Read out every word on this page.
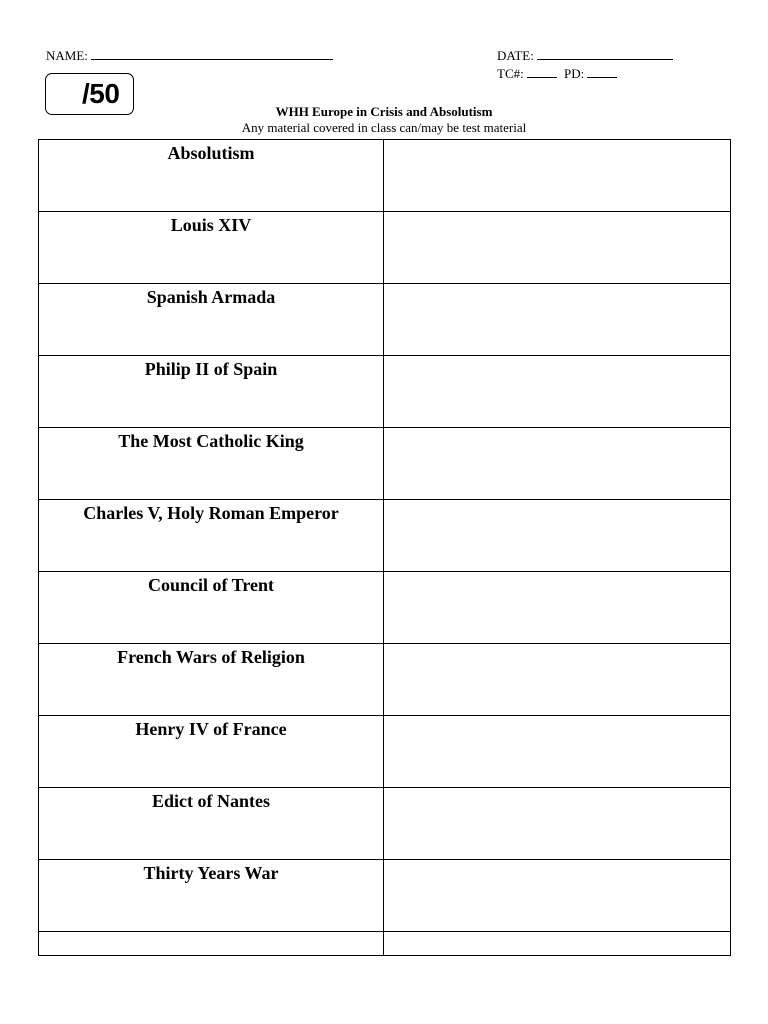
NAME:	DATE:
TC#:	PD:
/50
WHH Europe in Crisis and Absolutism
Any material covered in class can/may be test material
Absolutism	
Louis XIV	
Spanish Armada	
Philip II of Spain	
The Most Catholic King	
Charles V, Holy Roman Emperor	
Council of Trent	
French Wars of Religion	
Henry IV of France	
Edict of Nantes	
Thirty Years War	
